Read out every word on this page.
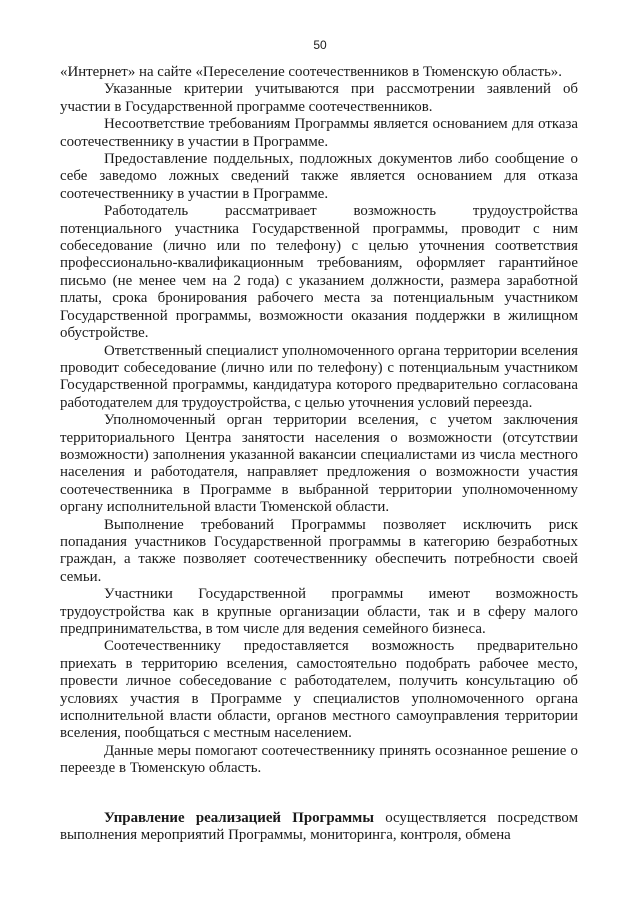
50

«Интернет» на сайте «Переселение соотечественников в Тюменскую область».

Указанные критерии учитываются при рассмотрении заявлений об участии в Государственной программе соотечественников.

Несоответствие требованиям Программы является основанием для отказа соотечественнику в участии в Программе.

Предоставление поддельных, подложных документов либо сообщение о себе заведомо ложных сведений также является основанием для отказа соотечественнику в участии в Программе.

Работодатель рассматривает возможность трудоустройства потенциального участника Государственной программы, проводит с ним собеседование (лично или по телефону) с целью уточнения соответствия профессионально-квалификационным требованиям, оформляет гарантийное письмо (не менее чем на 2 года) с указанием должности, размера заработной платы, срока бронирования рабочего места за потенциальным участником Государственной программы, возможности оказания поддержки в жилищном обустройстве.

Ответственный специалист уполномоченного органа территории вселения проводит собеседование (лично или по телефону) с потенциальным участником Государственной программы, кандидатура которого предварительно согласована работодателем для трудоустройства, с целью уточнения условий переезда.

Уполномоченный орган территории вселения, с учетом заключения территориального Центра занятости населения о возможности (отсутствии возможности) заполнения указанной вакансии специалистами из числа местного населения и работодателя, направляет предложения о возможности участия соотечественника в Программе в выбранной территории уполномоченному органу исполнительной власти Тюменской области.

Выполнение требований Программы позволяет исключить риск попадания участников Государственной программы в категорию безработных граждан, а также позволяет соотечественнику обеспечить потребности своей семьи.

Участники Государственной программы имеют возможность трудоустройства как в крупные организации области, так и в сферу малого предпринимательства, в том числе для ведения семейного бизнеса.

Соотечественнику предоставляется возможность предварительно приехать в территорию вселения, самостоятельно подобрать рабочее место, провести личное собеседование с работодателем, получить консультацию об условиях участия в Программе у специалистов уполномоченного органа исполнительной власти области, органов местного самоуправления территории вселения, пообщаться с местным населением.

Данные меры помогают соотечественнику принять осознанное решение о переезде в Тюменскую область.

Управление реализацией Программы осуществляется посредством выполнения мероприятий Программы, мониторинга, контроля, обмена
